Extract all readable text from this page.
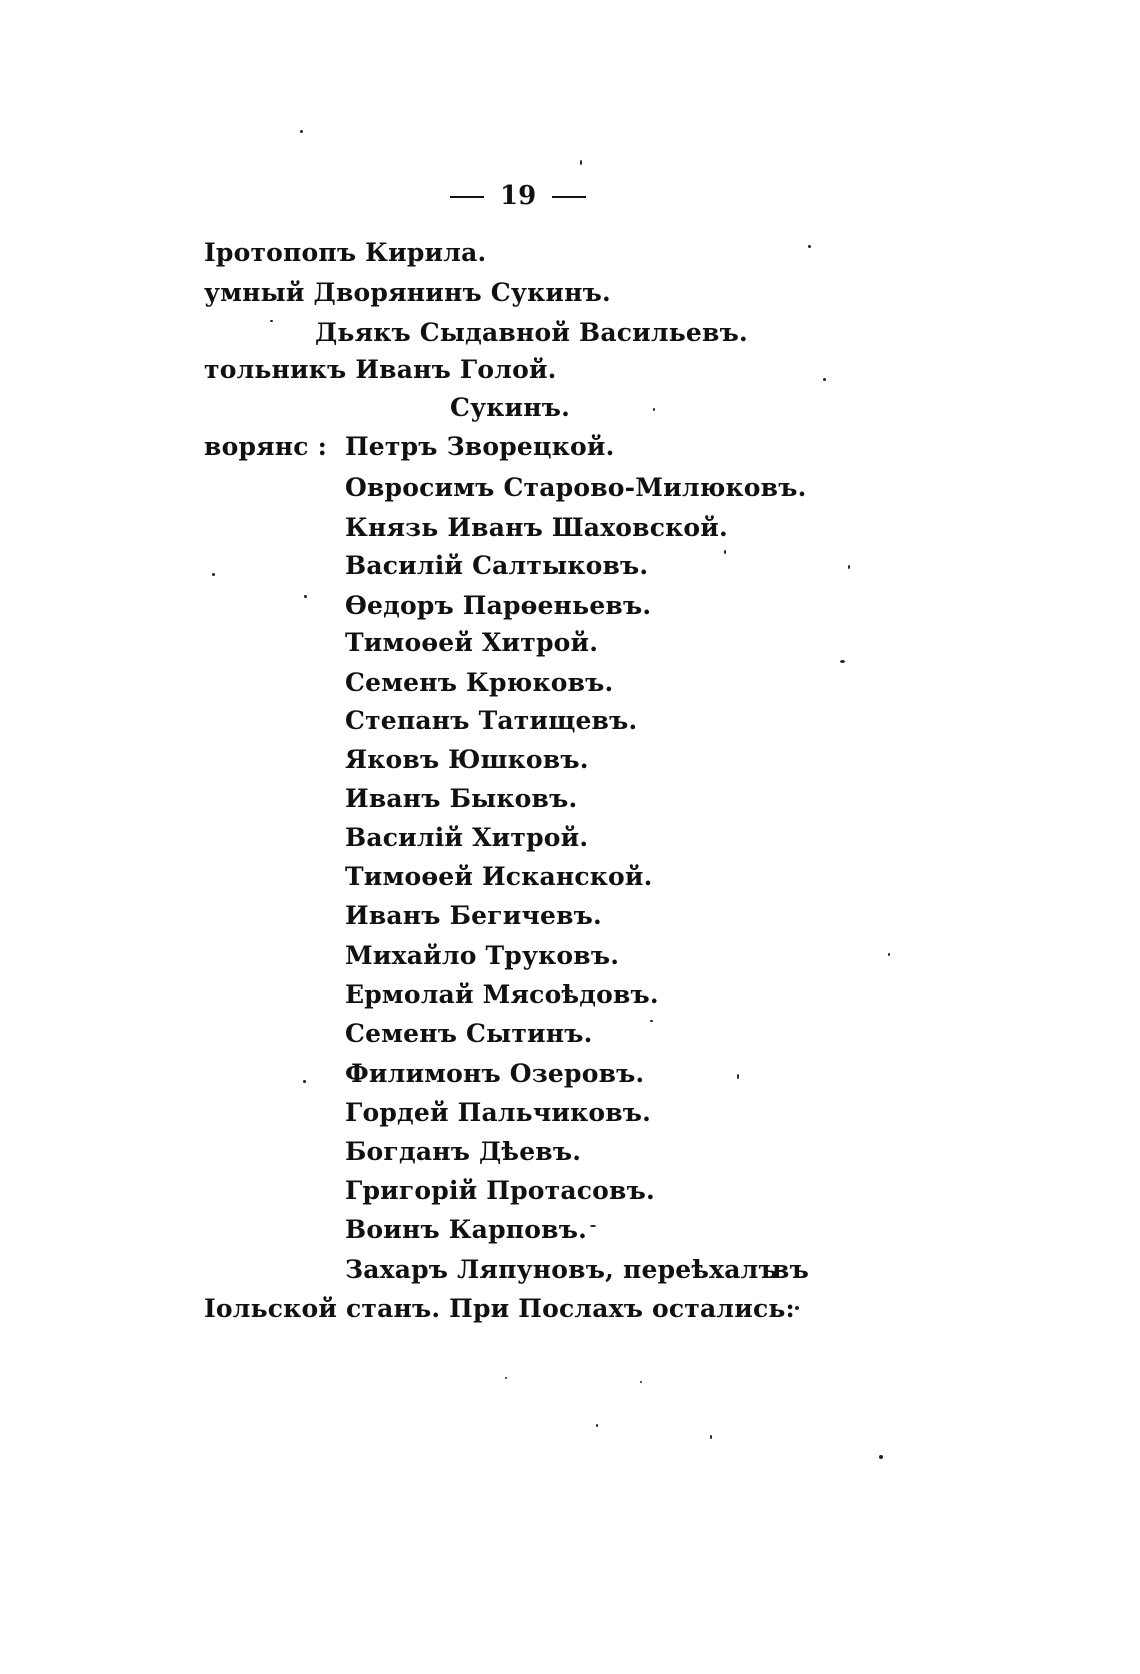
19
Iротопопъ Кирила.
умный Дворянинъ Сукинъ.
Дьякъ Сыдавной Васильевъ.
тольникъ Иванъ Голой.
Сукинъ.
ворянс : Петръ Зворецкой.
Овросимъ Старово-Милюковъ.
Князь Иванъ Шаховской.
Василій Салтыковъ.
Өедоръ Парөеньевъ.
Тимоөей Хитрой.
Семенъ Крюковъ.
Степанъ Татищевъ.
Яковъ Юшковъ.
Иванъ Быковъ.
Василій Хитрой.
Тимоөей Исканской.
Иванъ Бегичевъ.
Михайло Труковъ.
Ермолай Мясоѣдовъ.
Семенъ Сытинъ.
Филимонъ Озеровъ.
Гордей Пальчиковъ.
Богданъ Дѣевъ.
Григорій Протасовъ.
Воинъ Карповъ.
Захаръ Ляпуновъ, переѣхалъ
въ
Іольской станъ. При Послахъ остались:
